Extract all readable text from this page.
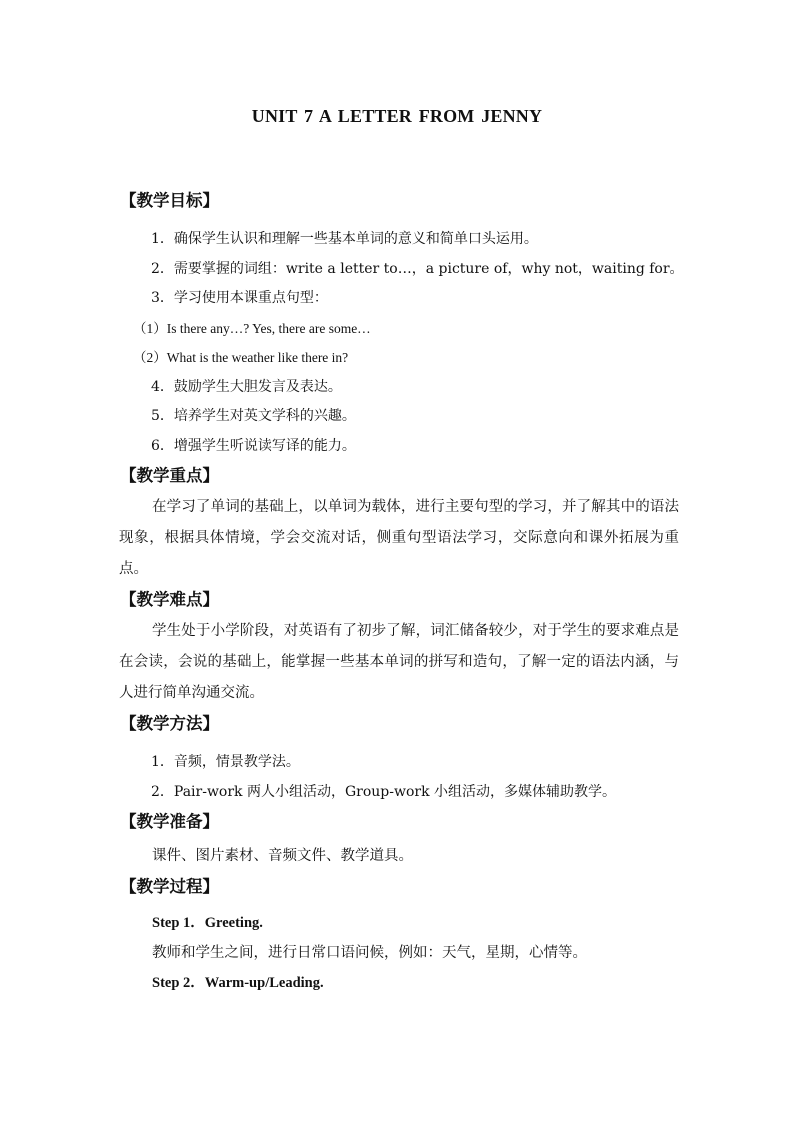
UNIT 7 A LETTER FROM JENNY
【教学目标】
1．确保学生认识和理解一些基本单词的意义和简单口头运用。
2．需要掌握的词组：write a letter to…，a picture of，why not，waiting for。
3．学习使用本课重点句型：
（1）Is there any…? Yes, there are some…
（2）What is the weather like there in?
4．鼓励学生大胆发言及表达。
5．培养学生对英文学科的兴趣。
6．增强学生听说读写译的能力。
【教学重点】
在学习了单词的基础上，以单词为载体，进行主要句型的学习，并了解其中的语法现象，根据具体情境，学会交流对话，侧重句型语法学习，交际意向和课外拓展为重点。
【教学难点】
学生处于小学阶段，对英语有了初步了解，词汇储备较少，对于学生的要求难点是在会读，会说的基础上，能掌握一些基本单词的拼写和造句，了解一定的语法内涵，与人进行简单沟通交流。
【教学方法】
1．音频，情景教学法。
2．Pair-work 两人小组活动，Group-work 小组活动，多媒体辅助教学。
【教学准备】
课件、图片素材、音频文件、教学道具。
【教学过程】
Step 1．Greeting.
教师和学生之间，进行日常口语问候，例如：天气，星期，心情等。
Step 2．Warm-up/Leading.
